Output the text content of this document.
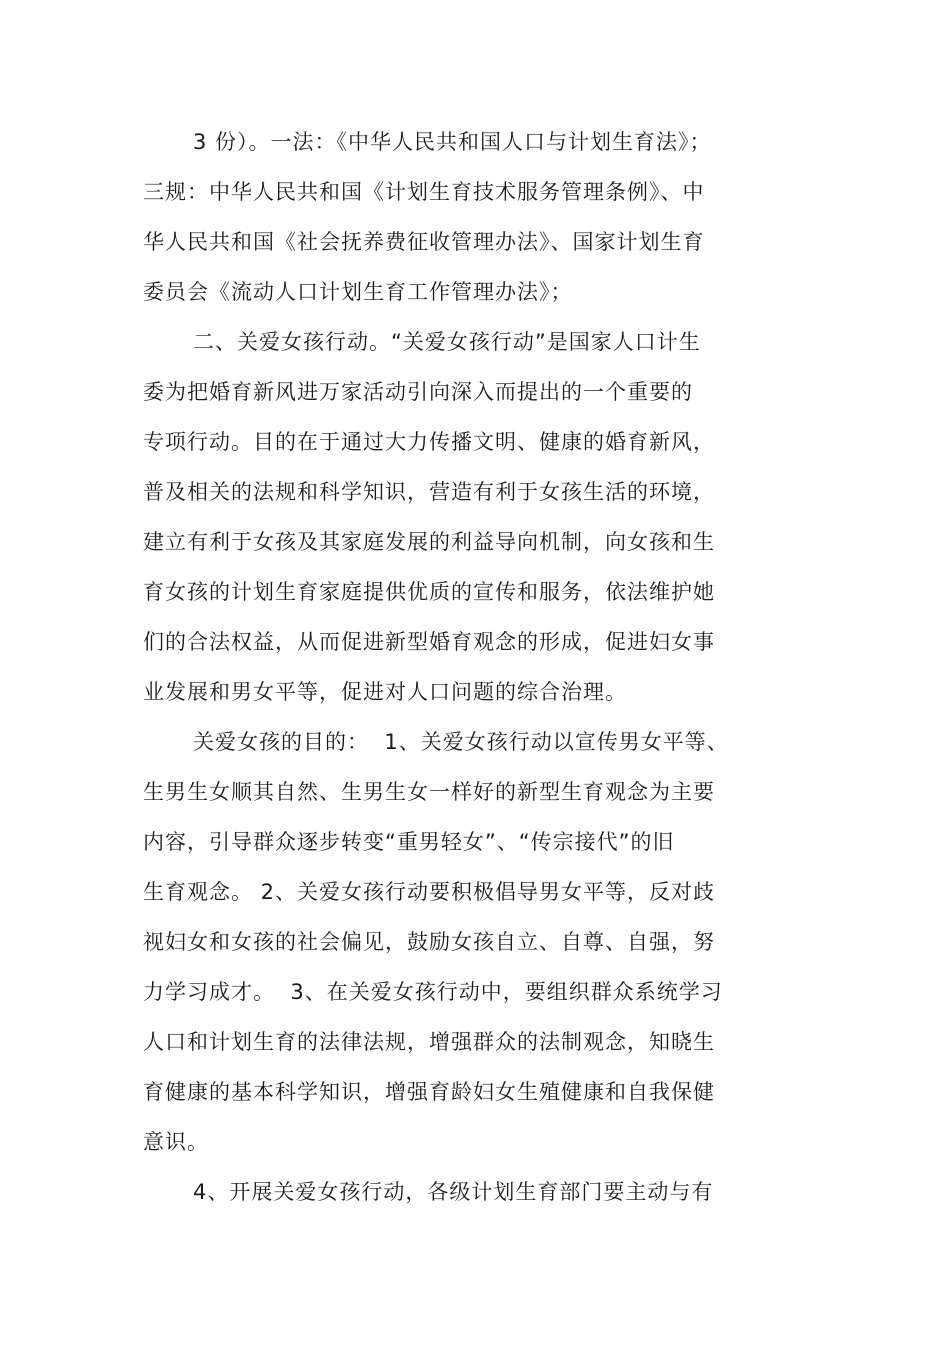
3 份）。一法：《中华人民共和国人口与计划生育法》；
三规：中华人民共和国《计划生育技术服务管理条例》、中
华人民共和国《社会抚养费征收管理办法》、国家计划生育
委员会《流动人口计划生育工作管理办法》；
二、关爱女孩行动。“关爱女孩行动”是国家人口计生
委为把婚育新风进万家活动引向深入而提出的一个重要的
专项行动。目的在于通过大力传播文明、健康的婚育新风，
普及相关的法规和科学知识，营造有利于女孩生活的环境，
建立有利于女孩及其家庭发展的利益导向机制，向女孩和生
育女孩的计划生育家庭提供优质的宣传和服务，依法维护她
们的合法权益，从而促进新型婚育观念的形成，促进妇女事
业发展和男女平等，促进对人口问题的综合治理。
关爱女孩的目的：  1、关爱女孩行动以宣传男女平等、
生男生女顺其自然、生男生女一样好的新型生育观念为主要
内容，引导群众逐步转变“重男轻女”、“传宗接代”的旧
生育观念。 2、关爱女孩行动要积极倡导男女平等，反对歧
视妇女和女孩的社会偏见，鼓励女孩自立、自尊、自强，努
力学习成才。  3、在关爱女孩行动中，要组织群众系统学习
人口和计划生育的法律法规，增强群众的法制观念，知晓生
育健康的基本科学知识，增强育龄妇女生殖健康和自我保健
意识。
4、开展关爱女孩行动，各级计划生育部门要主动与有
